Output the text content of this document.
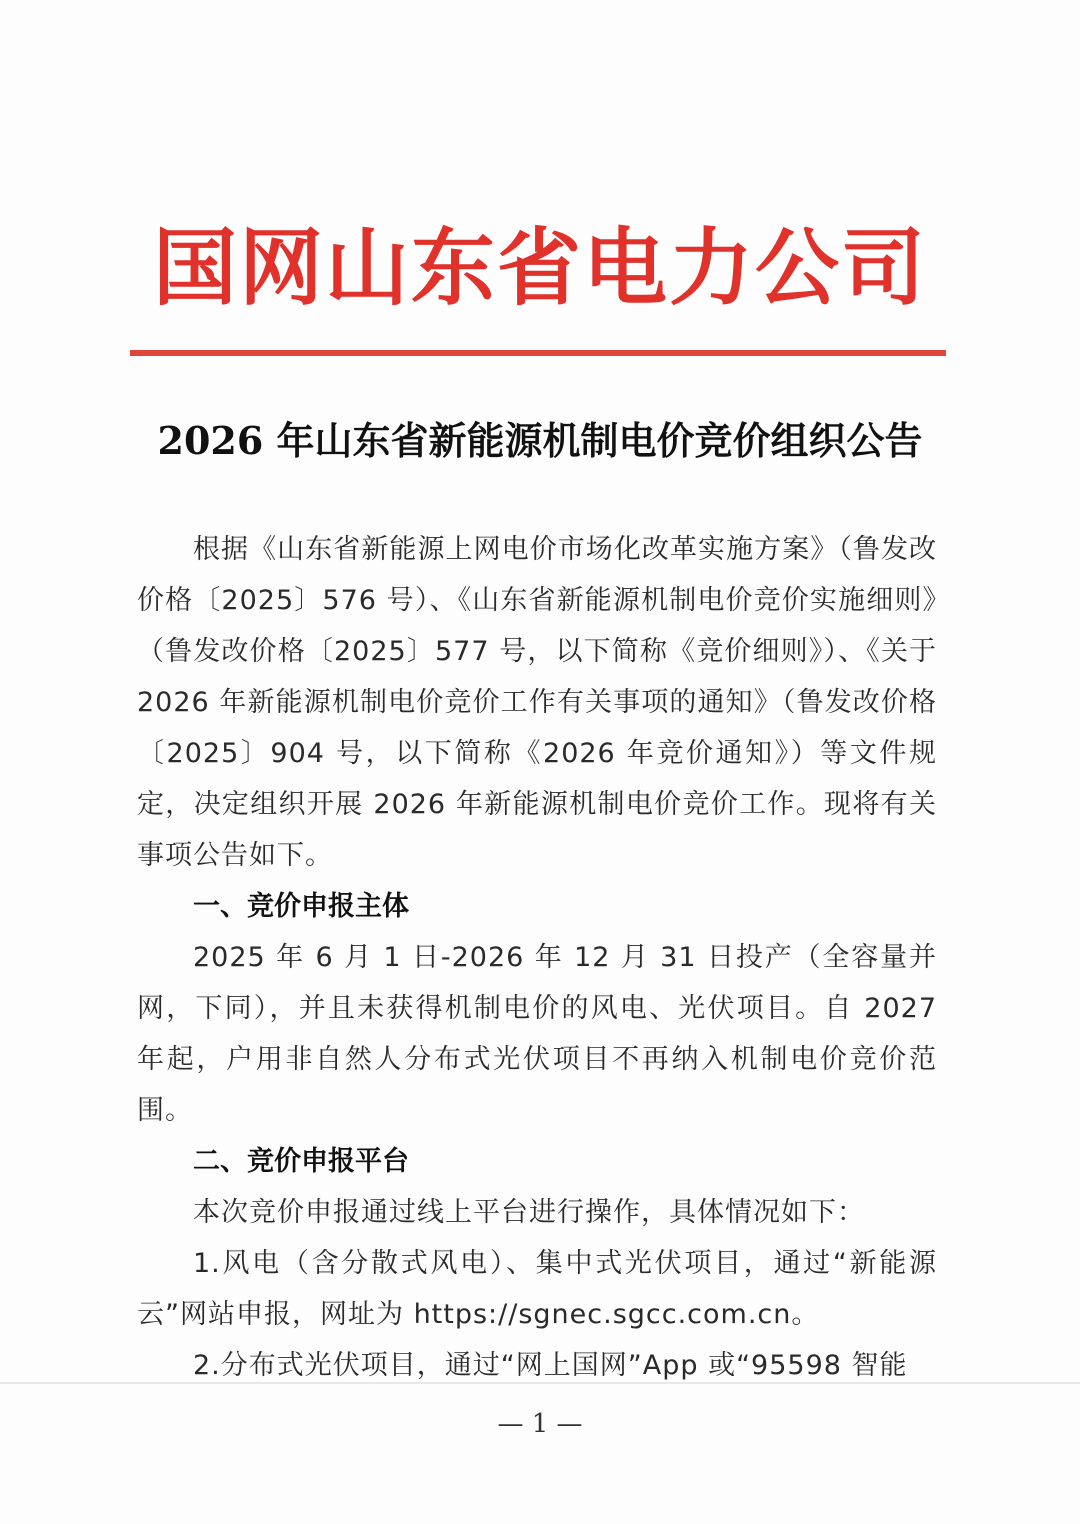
国网山东省电力公司
2026 年山东省新能源机制电价竞价组织公告

根据《山东省新能源上网电价市场化改革实施方案》（鲁发改价格〔2025〕576 号）、《山东省新能源机制电价竞价实施细则》（鲁发改价格〔2025〕577 号，以下简称《竞价细则》）、《关于 2026 年新能源机制电价竞价工作有关事项的通知》（鲁发改价格〔2025〕904 号，以下简称《2026 年竞价通知》）等文件规定，决定组织开展 2026 年新能源机制电价竞价工作。现将有关事项公告如下。

一、竞价申报主体

2025 年 6 月 1 日-2026 年 12 月 31 日投产（全容量并网，下同），并且未获得机制电价的风电、光伏项目。自 2027 年起，户用非自然人分布式光伏项目不再纳入机制电价竞价范围。

二、竞价申报平台

本次竞价申报通过线上平台进行操作，具体情况如下：

1.风电（含分散式风电）、集中式光伏项目，通过“新能源云”网站申报，网址为 https://sgnec.sgcc.com.cn。

2.分布式光伏项目，通过“网上国网”App 或“95598 智能

— 1 —
